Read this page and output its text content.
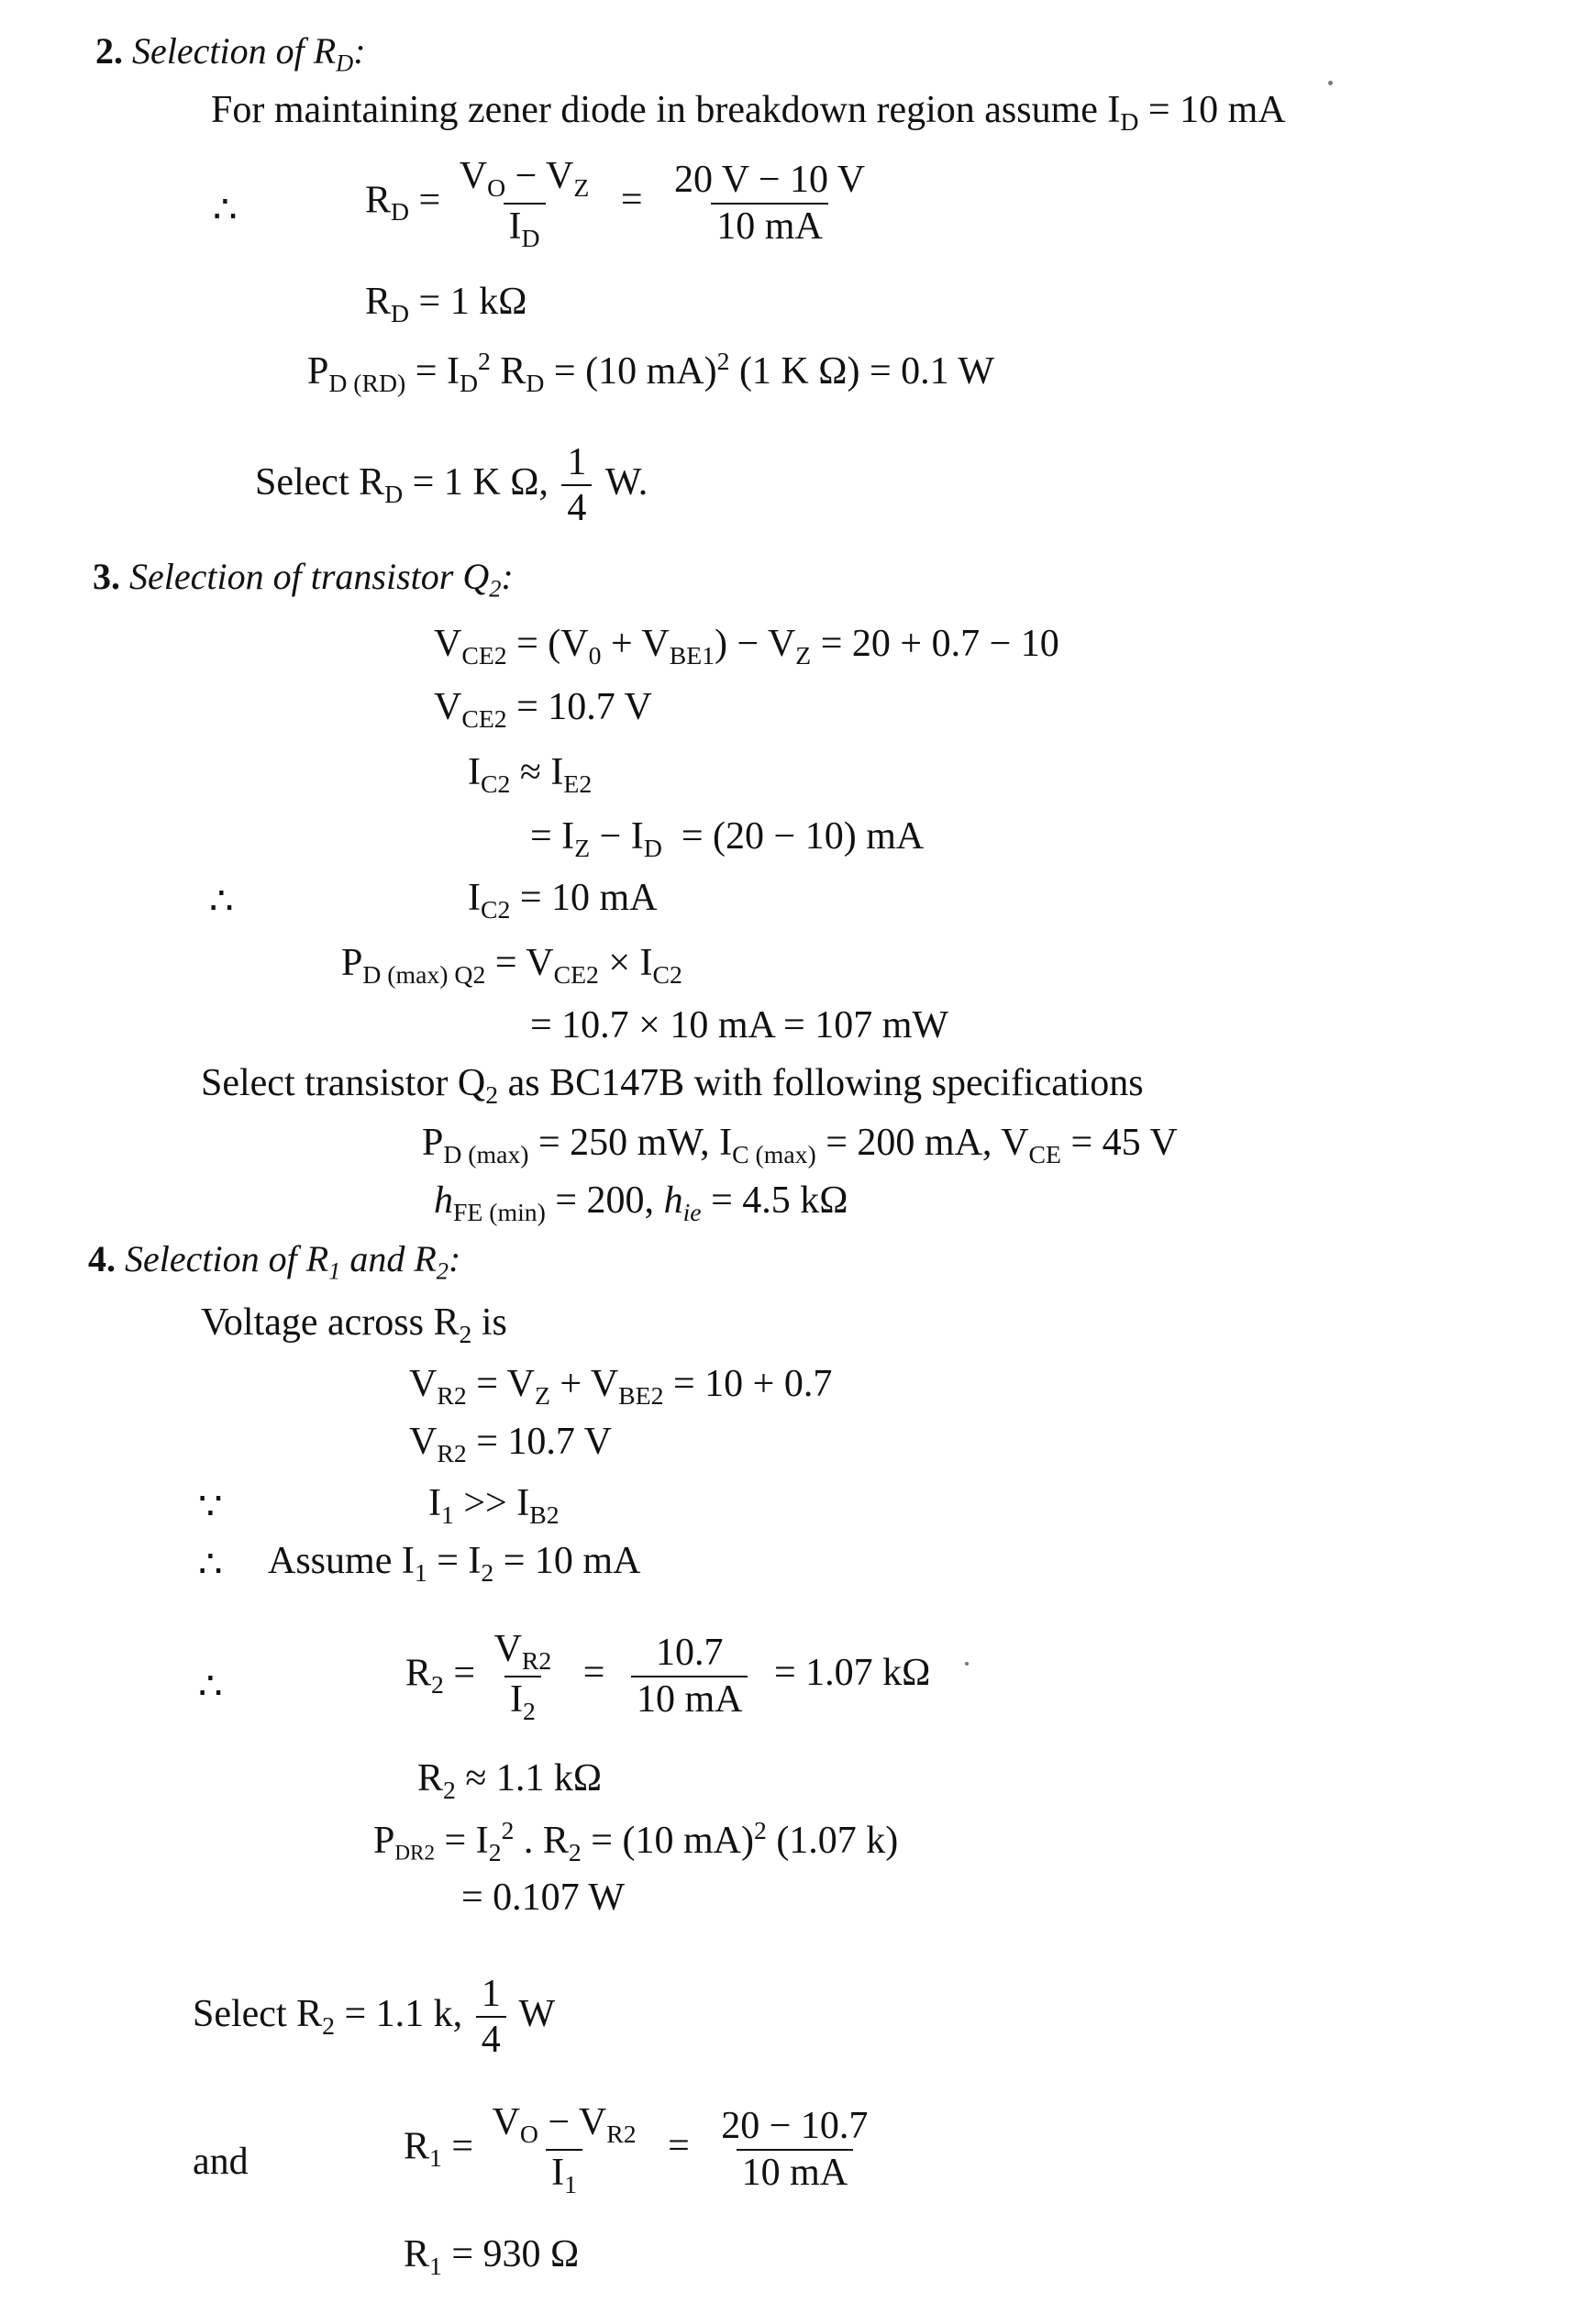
2. Selection of $R_D$:
For maintaining zener diode in breakdown region assume $I_D = 10$ mA
∴	$R_D = \frac{V_O - V_Z}{I_D} = \frac{20 V - 10 V}{10 mA}$
$R_D = 1$ kΩ
$P_{D (RD)} = I_D^2$ $R_D = (10$ mA)$^2$ (1 K Ω) = 0.1 W
Select $R_D = 1$ K Ω, $\frac{1}{4} W$.
3. Selection of transistor $Q_2$:
$V_{CE2} = (V_0 + V_{BE1}) - V_Z = 20 + 0.7 - 10$
$V_{CE2} = 10.7$ V
$I_{C2} \approx I_{E2}$
= $I_Z - I_D = (20 - 10)$ mA
∴	$I_{C2} = 10$ mA
$P_{D (max) Q2} = V_{CE2} \times I_{C2}$
= 10.7 × 10 mA = 107 mW
Select transistor $Q_2$ as BC147B with following specifications
$P_{D (max)} = 250$ mW, $I_{C (max)} = 200$ mA, $V_{CE} = 45$ V
$h_{FE (min)} = 200$, $h_{ie} = 4.5$ kΩ
4. Selection of $R_1$ and $R_2$:
Voltage across $R_2$ is
$V_{R2} = V_Z + V_{BE2} = 10 + 0.7$
$V_{R2} = 10.7$ V
∵	$I_1 >> I_{B2}$
∴ Assume $I_1 = I_2 = 10$ mA
∴	$R_2 = \frac{V_{R2}}{I_2} = \frac{10.7}{10 mA} = 1.07$ kΩ
$R_2 \approx 1.1$ kΩ
$P_{DR2} = I_2^2$ . $R_2 = (10$ mA)$^2$ (1.07 k)
= 0.107 W
Select $R_2 = 1.1$ k, $\frac{1}{4}$ W
and	$R_1 = \frac{V_O - V_{R2}}{I_1} = \frac{20 - 10.7}{10 mA}$
$R_1 = 930$ Ω
